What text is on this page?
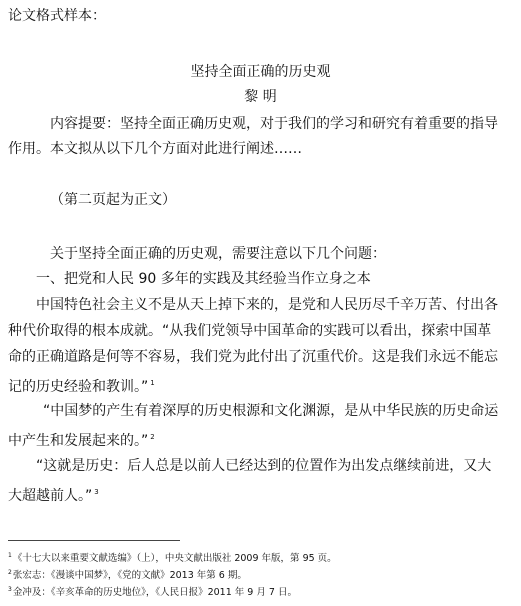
论文格式样本：
坚持全面正确的历史观
黎 明
内容提要：坚持全面正确历史观，对于我们的学习和研究有着重要的指导
作用。本文拟从以下几个方面对此进行阐述……
（第二页起为正文）
关于坚持全面正确的历史观，需要注意以下几个问题：
一、把党和人民 90 多年的实践及其经验当作立身之本
中国特色社会主义不是从天上掉下来的，是党和人民历尽千辛万苦、付出各
种代价取得的根本成就。“从我们党领导中国革命的实践可以看出，探索中国革
命的正确道路是何等不容易，我们党为此付出了沉重代价。这是我们永远不能忘
记的历史经验和教训。” $^1$
“中国梦的产生有着深厚的历史根源和文化渊源，是从中华民族的历史命运
中产生和发展起来的。” $^2$
“这就是历史：后人总是以前人已经达到的位置作为出发点继续前进，又大
大超越前人。” $^3$
$^1$《十七大以来重要文献选编》（上），中央文献出版社 2009 年版，第 95 页。
$^2$张宏志：《漫谈中国梦》，《党的文献》2013 年第 6 期。
$^3$金冲及：《辛亥革命的历史地位》，《人民日报》2011 年 9 月 7 日。
